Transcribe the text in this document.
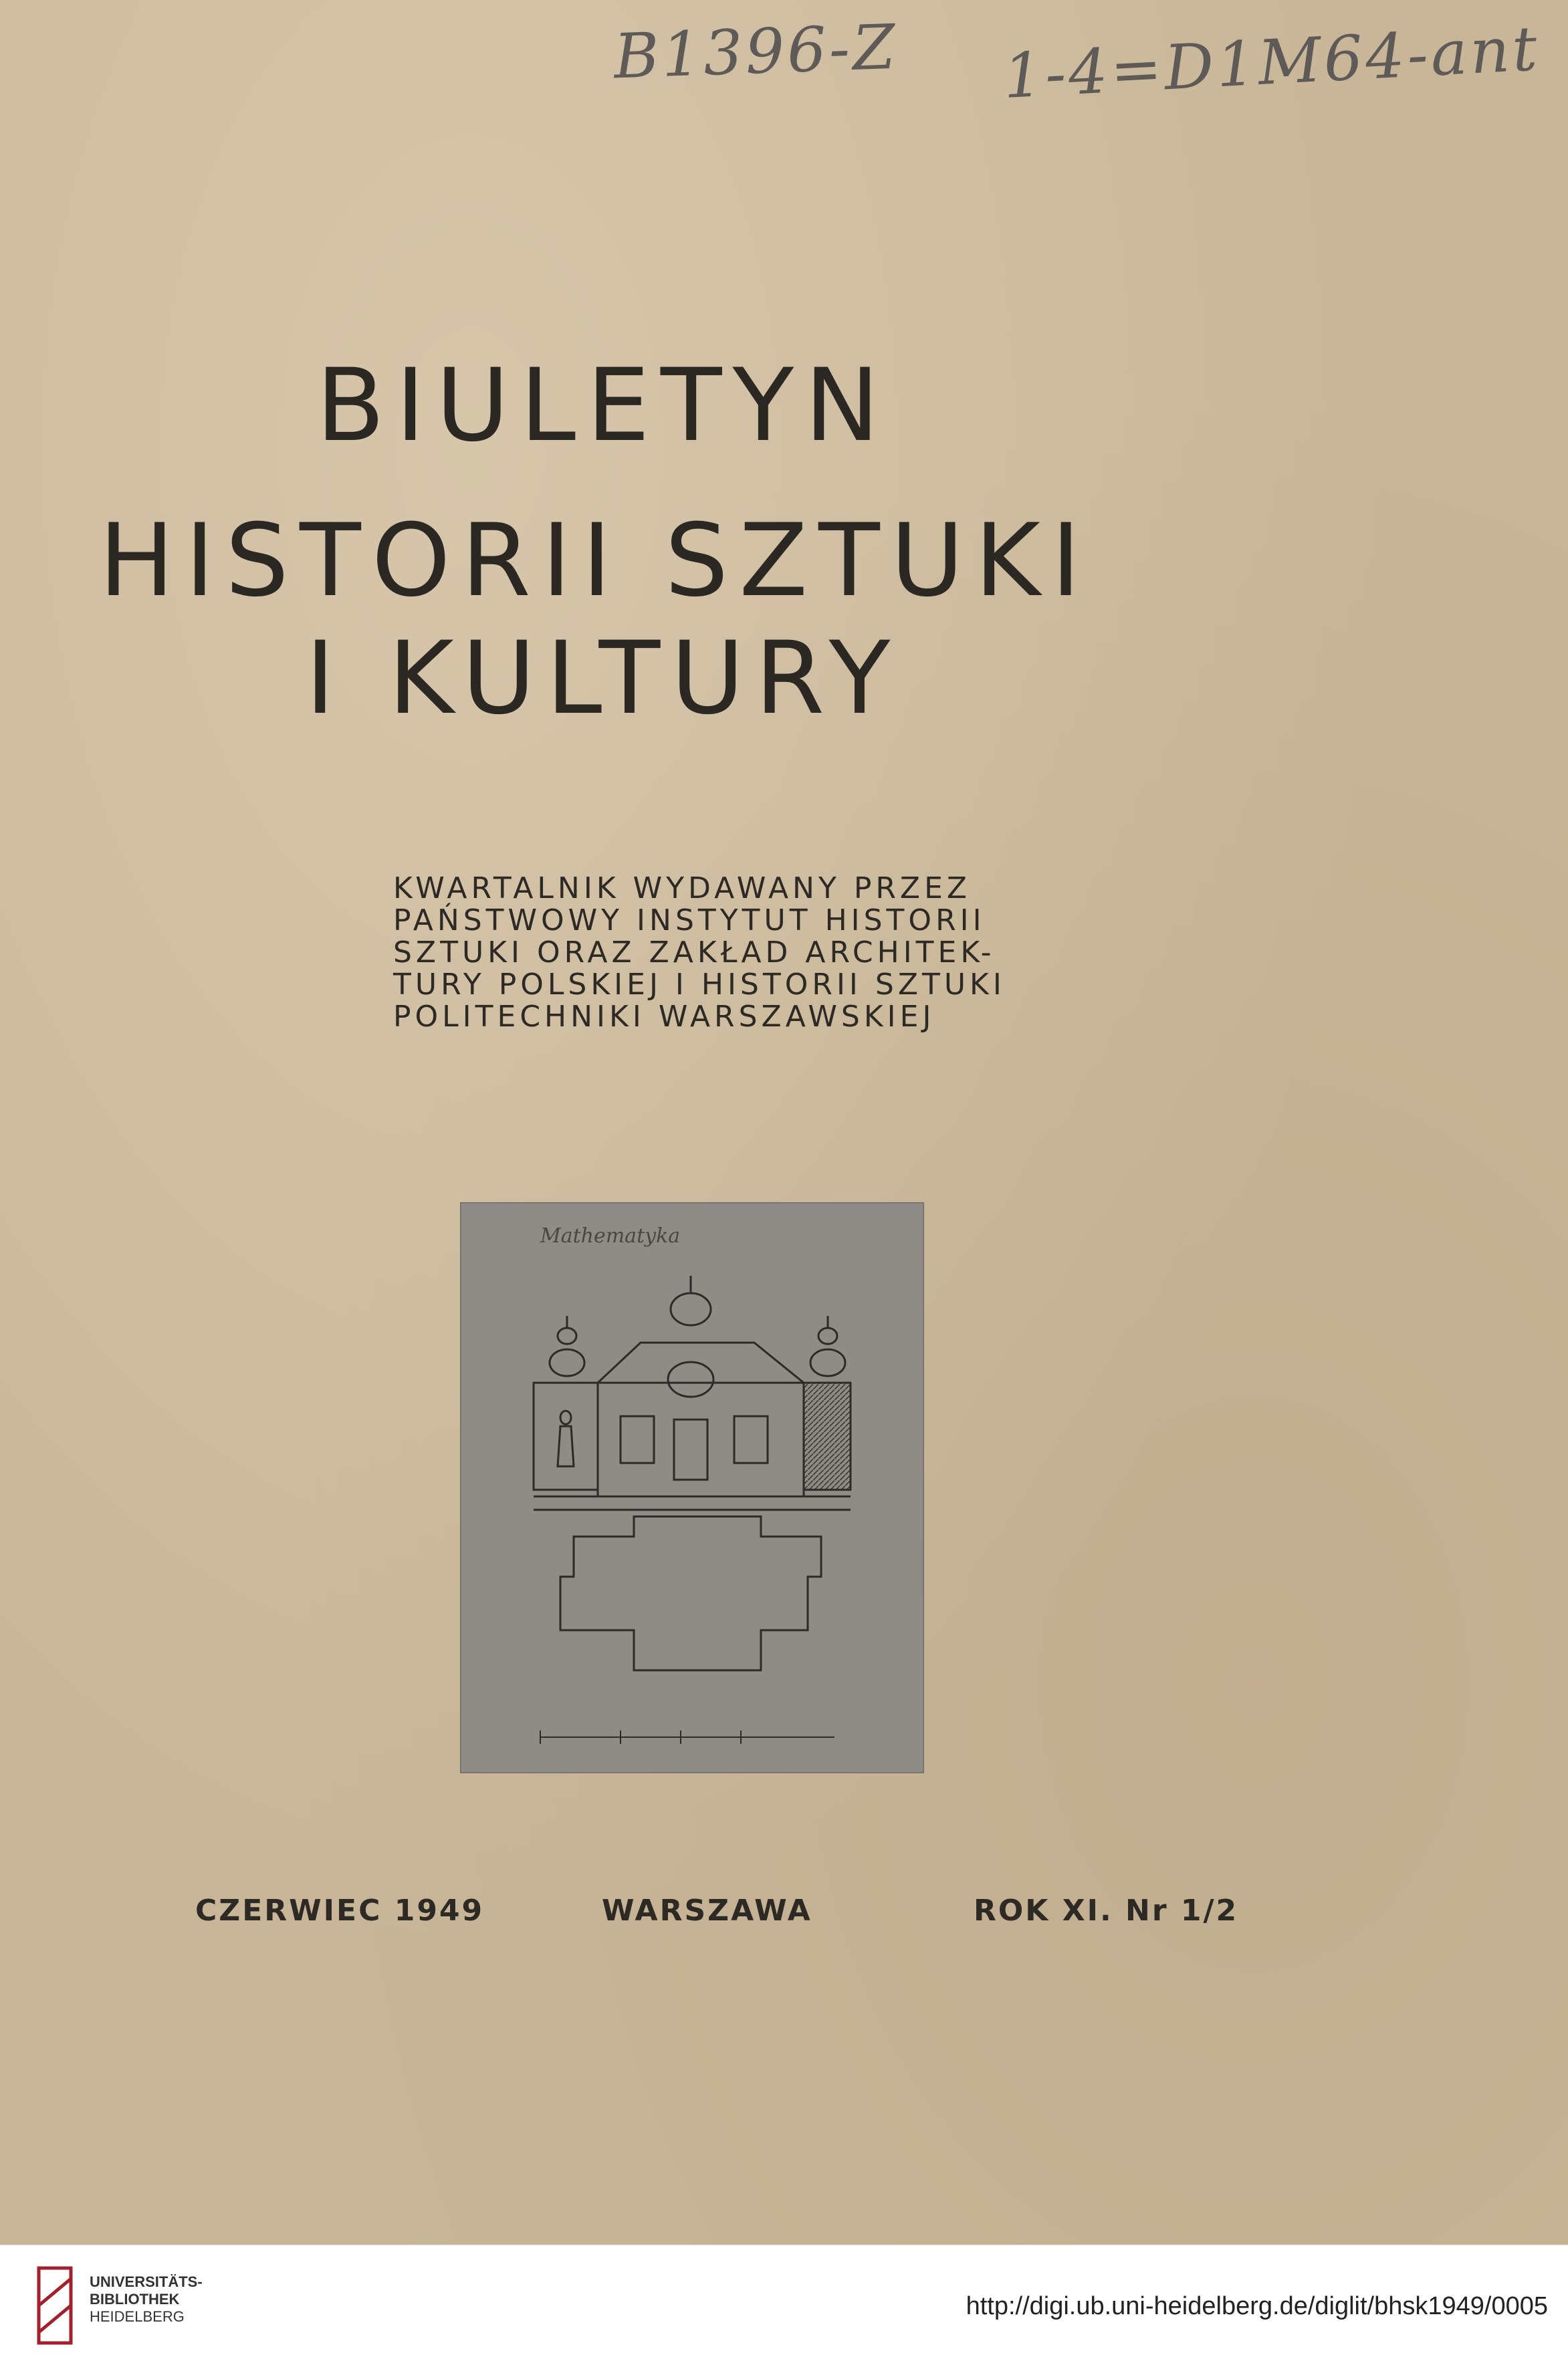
B1396-Z 1-4=D1M64-ant
BIULETYN
HISTORII SZTUKI
I KULTURY
KWARTALNIK WYDAWANY PRZEZ
PAŃSTWOWY INSTYTUT HISTORII
SZTUKI ORAZ ZAKŁAD ARCHITEK-
TURY POLSKIEJ I HISTORII SZTUKI
POLITECHNIKI WARSZAWSKIEJ
Mathematyka
CZERWIEC 1949	WARSZAWA	ROK XI. Nr 1/2
UNIVERSITÄTS-
BIBLIOTHEK
HEIDELBERG	http://digi.ub.uni-heidelberg.de/diglit/bhsk1949/0005
